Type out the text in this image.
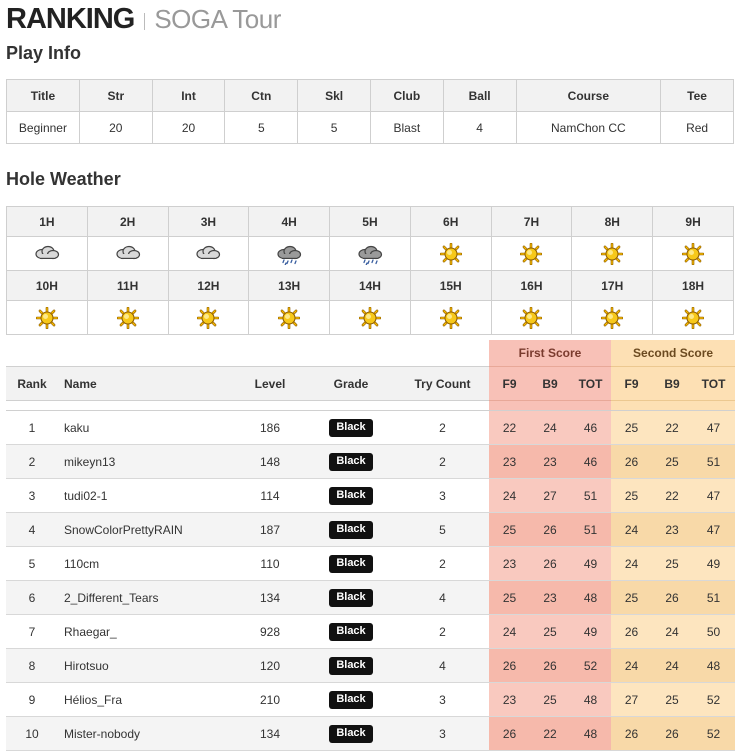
RANKING SOGA Tour
Play Info
Title	Str	Int	Ctn	Skl	Club	Ball	Course	Tee
Beginner	20	20	5	5	Blast	4	NamChon CC	Red
Hole Weather
1H	2H	3H	4H	5H	6H	7H	8H	9H

10H	11H	12H	13H	14H	15H	16H	17H	18H

					First Score			Second Score		
Rank	Name	Level	Grade	Try Count	F9	B9	TOT	F9	B9	TOT

1	kaku	186	Black	2	22	24	46	25	22	47
2	mikeyn13	148	Black	2	23	23	46	26	25	51
3	tudi02-1	114	Black	3	24	27	51	25	22	47
4	SnowColorPrettyRAIN	187	Black	5	25	26	51	24	23	47
5	110cm	110	Black	2	23	26	49	24	25	49
6	2_Different_Tears	134	Black	4	25	23	48	25	26	51
7	Rhaegar_	928	Black	2	24	25	49	26	24	50
8	Hirotsuo	120	Black	4	26	26	52	24	24	48
9	Hélios_Fra	210	Black	3	23	25	48	27	25	52
10	Mister-nobody	134	Black	3	26	22	48	26	26	52
